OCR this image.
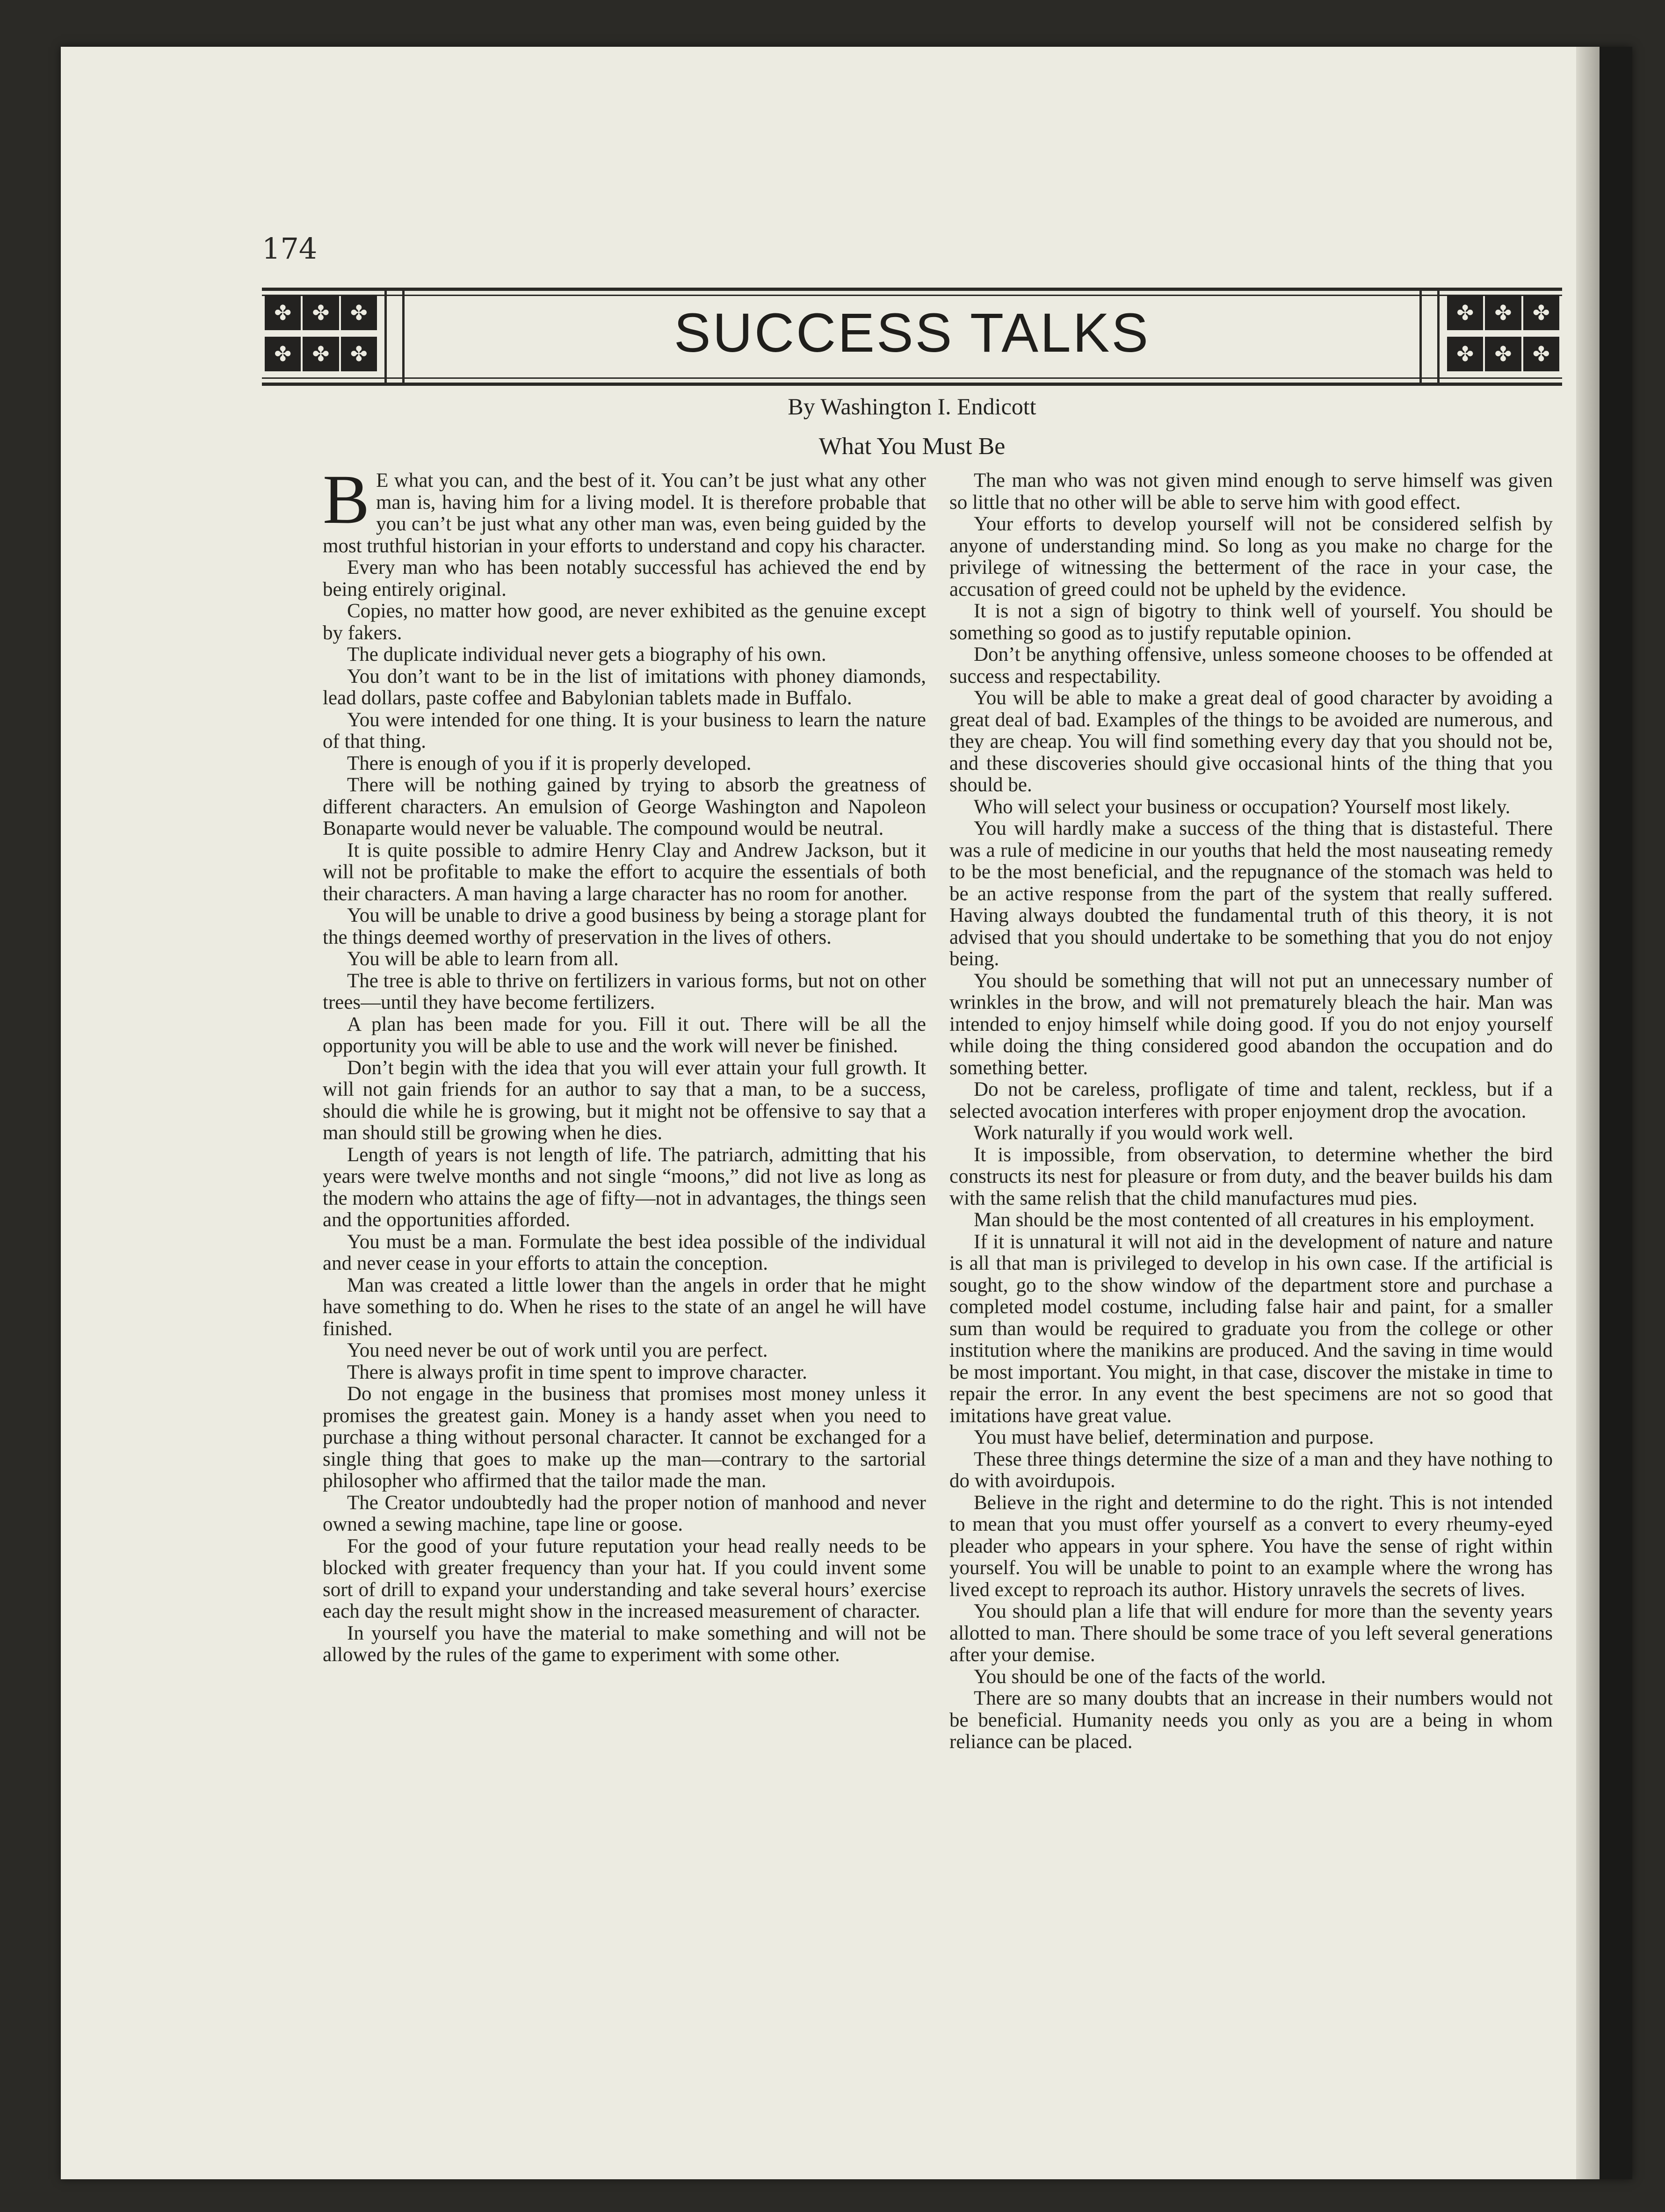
174
✤	✤	✤
✤	✤	✤	SUCCESS TALKS	✤	✤	✤
✤	✤	✤
By Washington I. Endicott
What You Must Be

B E what you can, and the best of it. You can’t be just what any other man is, having him for a living model. It is therefore probable that you can’t be just what any other man was, even being guided by the most truthful historian in your efforts to understand and copy his character.

Every man who has been notably successful has achieved the end by being entirely original.

Copies, no matter how good, are never exhibited as the genuine except by fakers.

The duplicate individual never gets a biography of his own.

You don’t want to be in the list of imitations with phoney diamonds, lead dollars, paste coffee and Babylonian tablets made in Buffalo.

You were intended for one thing. It is your business to learn the nature of that thing.

There is enough of you if it is properly developed.

There will be nothing gained by trying to absorb the greatness of different characters. An emulsion of George Washington and Napoleon Bonaparte would never be valuable. The compound would be neutral.

It is quite possible to admire Henry Clay and Andrew Jackson, but it will not be profitable to make the effort to acquire the essentials of both their characters. A man having a large character has no room for another.

You will be unable to drive a good business by being a storage plant for the things deemed worthy of preservation in the lives of others.

You will be able to learn from all.

The tree is able to thrive on fertilizers in various forms, but not on other trees—until they have become fertilizers.

A plan has been made for you. Fill it out. There will be all the opportunity you will be able to use and the work will never be finished.

Don’t begin with the idea that you will ever attain your full growth. It will not gain friends for an author to say that a man, to be a success, should die while he is growing, but it might not be offensive to say that a man should still be growing when he dies.

Length of years is not length of life. The patriarch, admitting that his years were twelve months and not single “moons,” did not live as long as the modern who attains the age of fifty—not in advantages, the things seen and the opportunities afforded.

You must be a man. Formulate the best idea possible of the individual and never cease in your efforts to attain the conception.

Man was created a little lower than the angels in order that he might have something to do. When he rises to the state of an angel he will have finished.

You need never be out of work until you are perfect.

There is always profit in time spent to improve character.

Do not engage in the business that promises most money unless it promises the greatest gain. Money is a handy asset when you need to purchase a thing without personal character. It cannot be exchanged for a single thing that goes to make up the man—contrary to the sartorial philosopher who affirmed that the tailor made the man.

The Creator undoubtedly had the proper notion of manhood and never owned a sewing machine, tape line or goose.

For the good of your future reputation your head really needs to be blocked with greater frequency than your hat. If you could invent some sort of drill to expand your understanding and take several hours’ exercise each day the result might show in the increased measurement of character.

In yourself you have the material to make something and will not be allowed by the rules of the game to experiment with some other.

The man who was not given mind enough to serve himself was given so little that no other will be able to serve him with good effect.

Your efforts to develop yourself will not be considered selfish by anyone of understanding mind. So long as you make no charge for the privilege of witnessing the betterment of the race in your case, the accusation of greed could not be upheld by the evidence.

It is not a sign of bigotry to think well of yourself. You should be something so good as to justify reputable opinion.

Don’t be anything offensive, unless someone chooses to be offended at success and respectability.

You will be able to make a great deal of good character by avoiding a great deal of bad. Examples of the things to be avoided are numerous, and they are cheap. You will find something every day that you should not be, and these discoveries should give occasional hints of the thing that you should be.

Who will select your business or occupation? Yourself most likely.

You will hardly make a success of the thing that is distasteful. There was a rule of medicine in our youths that held the most nauseating remedy to be the most beneficial, and the repugnance of the stomach was held to be an active response from the part of the system that really suffered. Having always doubted the fundamental truth of this theory, it is not advised that you should undertake to be something that you do not enjoy being.

You should be something that will not put an unnecessary number of wrinkles in the brow, and will not prematurely bleach the hair. Man was intended to enjoy himself while doing good. If you do not enjoy yourself while doing the thing considered good abandon the occupation and do something better.

Do not be careless, profligate of time and talent, reckless, but if a selected avocation interferes with proper enjoyment drop the avocation.

Work naturally if you would work well.

It is impossible, from observation, to determine whether the bird constructs its nest for pleasure or from duty, and the beaver builds his dam with the same relish that the child manufactures mud pies.

Man should be the most contented of all creatures in his employment.

If it is unnatural it will not aid in the development of nature and nature is all that man is privileged to develop in his own case. If the artificial is sought, go to the show window of the department store and purchase a completed model costume, including false hair and paint, for a smaller sum than would be required to graduate you from the college or other institution where the manikins are produced. And the saving in time would be most important. You might, in that case, discover the mistake in time to repair the error. In any event the best specimens are not so good that imitations have great value.

You must have belief, determination and purpose.

These three things determine the size of a man and they have nothing to do with avoirdupois.

Believe in the right and determine to do the right. This is not intended to mean that you must offer yourself as a convert to every rheumy-eyed pleader who appears in your sphere. You have the sense of right within yourself. You will be unable to point to an example where the wrong has lived except to reproach its author. History unravels the secrets of lives.

You should plan a life that will endure for more than the seventy years allotted to man. There should be some trace of you left several generations after your demise.

You should be one of the facts of the world.

There are so many doubts that an increase in their numbers would not be beneficial. Humanity needs you only as you are a being in whom reliance can be placed.
